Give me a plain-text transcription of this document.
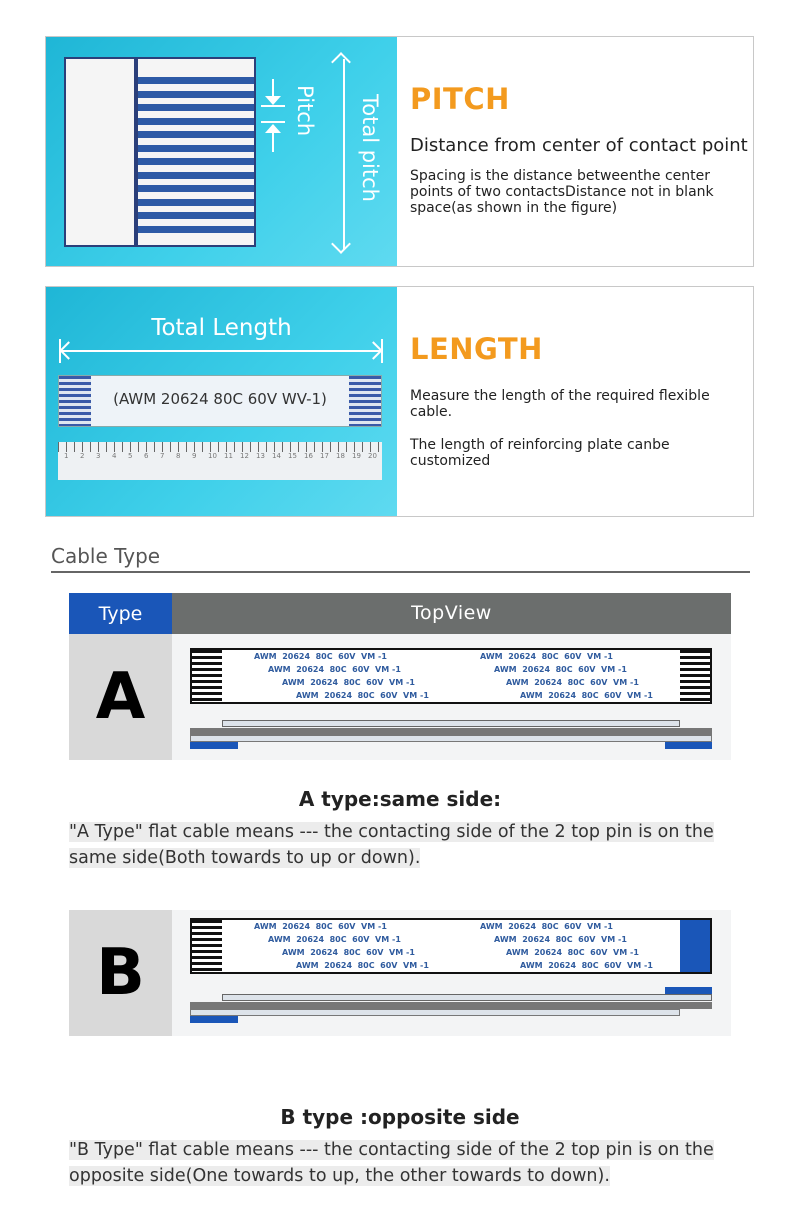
Pitch Total pitch PITCH
Distance from center of contact point
Spacing is the distance betweenthe center points of two contactsDistance not in blank space(as shown in the figure)
Total Length
(AWM 20624 80C 60V WV-1)
1 2 3 4 5 6 7 8 9 10 11 12 13 14 15 16 17 18 19 20
LENGTH
Measure the length of the required flexible cable.
The length of reinforcing plate canbe customized
Cable Type
Type	TopView
A
AWM  20624  80C  60V  VM -1
AWM  20624  80C  60V  VM -1
AWM  20624  80C  60V  VM -1
AWM  20624  80C  60V  VM -1
AWM  20624  80C  60V  VM -1
AWM  20624  80C  60V  VM -1
AWM  20624  80C  60V  VM -1
AWM  20624  80C  60V  VM -1
A type:same side:
"A Type" flat cable means --- the contacting side of the 2 top pin is on the same side(Both towards to up or down).
B
AWM  20624  80C  60V  VM -1
AWM  20624  80C  60V  VM -1
AWM  20624  80C  60V  VM -1
AWM  20624  80C  60V  VM -1
AWM  20624  80C  60V  VM -1
AWM  20624  80C  60V  VM -1
AWM  20624  80C  60V  VM -1
AWM  20624  80C  60V  VM -1
B type :opposite side
"B Type" flat cable means --- the contacting side of the 2 top pin is on the opposite side(One towards to up, the other towards to down).
